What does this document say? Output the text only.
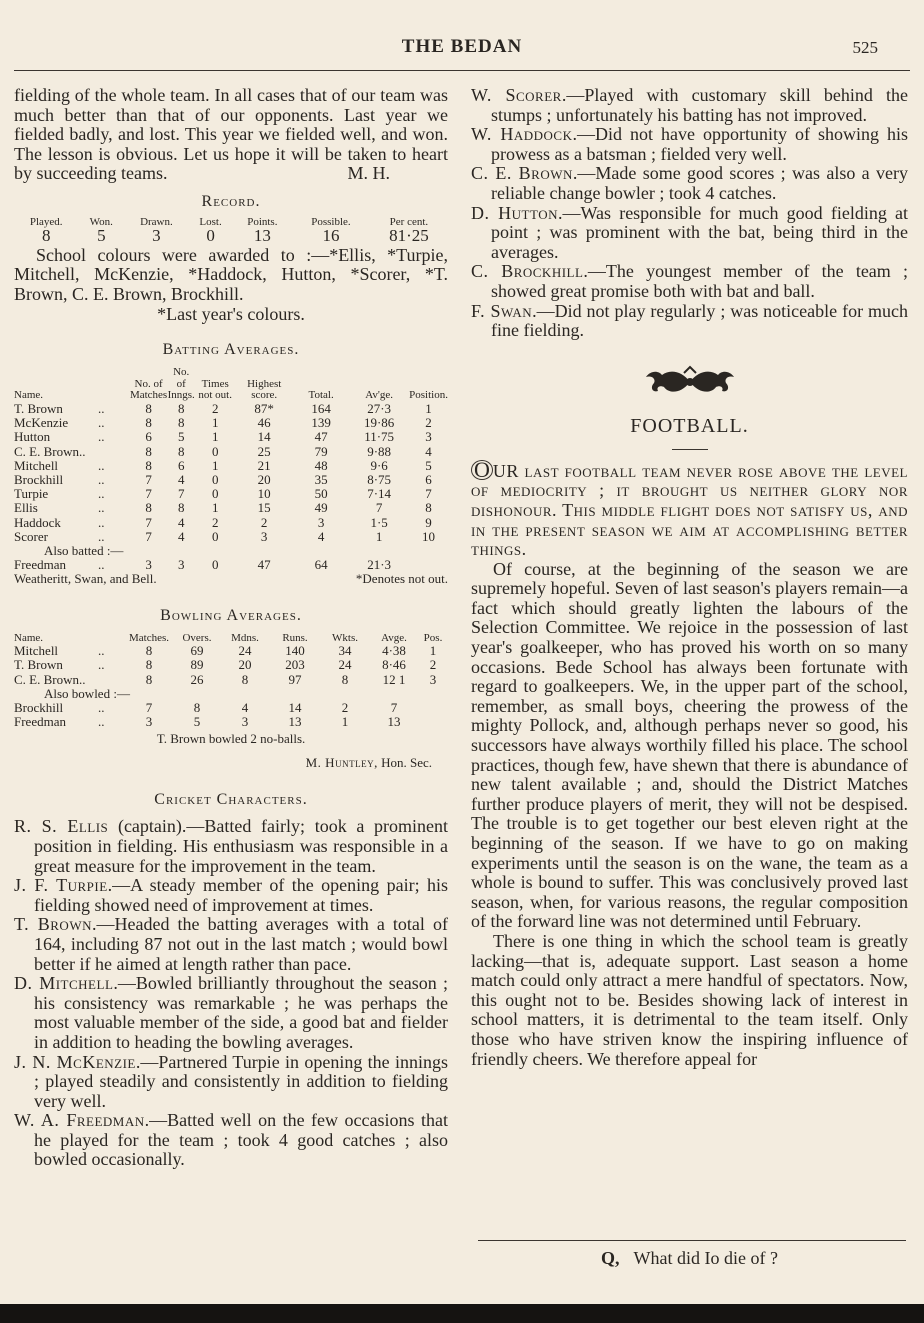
THE BEDAN	525

fielding of the whole team. In all cases that of our team was much better than that of our opponents. Last year we fielded badly, and lost. This year we fielded well, and won. The lesson is obvious. Let us hope it will be taken to heart by succeeding teams.	M. H.

Record.

Played.	Won.	Drawn.	Lost.	Points.	Possible.	Per cent.
8	5	3	0	13	16	81·25

School colours were awarded to :—*Ellis, *Turpie, Mitchell, McKenzie, *Haddock, Hutton, *Scorer, *T. Brown, C. E. Brown, Brockhill.

*Last year's colours.

Batting Averages.

Name.		No. of Matches	No. of Inngs.	Times not out.	Highest score.	Total.	Av'ge.	Position.
T. Brown	..	8	8	2	87*	164	27·3	1
McKenzie	..	8	8	1	46	139	19·86	2
Hutton	..	6	5	1	14	47	11·75	3
C. E. Brown..		8	8	0	25	79	9·88	4
Mitchell	..	8	6	1	21	48	9·6	5
Brockhill	..	7	4	0	20	35	8·75	6
Turpie	..	7	7	0	10	50	7·14	7
Ellis	..	8	8	1	15	49	7	8
Haddock	..	7	4	2	2	3	1·5	9
Scorer	..	7	4	0	3	4	1	10
Also batted :—								
Freedman	..	3	3	0	47	64	21·3	
Weatheritt, Swan, and Bell.					*Denotes not out.			

Bowling Averages.

Name.		Matches.	Overs.	Mdns.	Runs.	Wkts.	Avge.	Pos.
Mitchell	..	8	69	24	140	34	4·38	1
T. Brown	..	8	89	20	203	24	8·46	2
C. E. Brown..		8	26	8	97	8	12 1	3
Also bowled :—								
Brockhill	..	7	8	4	14	2	7	
Freedman	..	3	5	3	13	1	13	
T. Brown bowled 2 no-balls.
M. Huntley, Hon. Sec.

Cricket Characters.

R. S. Ellis (captain).—Batted fairly; took a prominent position in fielding. His enthusiasm was responsible in a great measure for the improvement in the team.

J. F. Turpie.—A steady member of the opening pair; his fielding showed need of improvement at times.

T. Brown.—Headed the batting averages with a total of 164, including 87 not out in the last match ; would bowl better if he aimed at length rather than pace.

D. Mitchell.—Bowled brilliantly throughout the season ; his consistency was remarkable ; he was perhaps the most valuable member of the side, a good bat and fielder in addition to heading the bowling averages.

J. N. McKenzie.—Partnered Turpie in opening the innings ; played steadily and consistently in addition to fielding very well.

W. A. Freedman.—Batted well on the few occasions that he played for the team ; took 4 good catches ; also bowled occasionally.

W. Scorer.—Played with customary skill behind the stumps ; unfortunately his batting has not improved.

W. Haddock.—Did not have opportunity of showing his prowess as a batsman ; fielded very well.

C. E. Brown.—Made some good scores ; was also a very reliable change bowler ; took 4 catches.

D. Hutton.—Was responsible for much good fielding at point ; was prominent with the bat, being third in the averages.

C. Brockhill.—The youngest member of the team ; showed great promise both with bat and ball.

F. Swan.—Did not play regularly ; was noticeable for much fine fielding.

FOOTBALL.

O UR last football team never rose above the level of mediocrity ; it brought us neither glory nor dishonour. This middle flight does not satisfy us, and in the present season we aim at accomplishing better things.

Of course, at the beginning of the season we are supremely hopeful. Seven of last season's players remain—a fact which should greatly lighten the labours of the Selection Committee. We rejoice in the possession of last year's goalkeeper, who has proved his worth on so many occasions. Bede School has always been fortunate with regard to goalkeepers. We, in the upper part of the school, remember, as small boys, cheering the prowess of the mighty Pollock, and, although perhaps never so good, his successors have always worthily filled his place. The school practices, though few, have shewn that there is abundance of new talent available ; and, should the District Matches further produce players of merit, they will not be despised. The trouble is to get together our best eleven right at the beginning of the season. If we have to go on making experiments until the season is on the wane, the team as a whole is bound to suffer. This was conclusively proved last season, when, for various reasons, the regular composition of the forward line was not determined until February.

There is one thing in which the school team is greatly lacking—that is, adequate support. Last season a home match could only attract a mere handful of spectators. Now, this ought not to be. Besides showing lack of interest in school matters, it is detrimental to the team itself. Only those who have striven know the inspiring influence of friendly cheers. We therefore appeal for

Q, What did Io die of ?
